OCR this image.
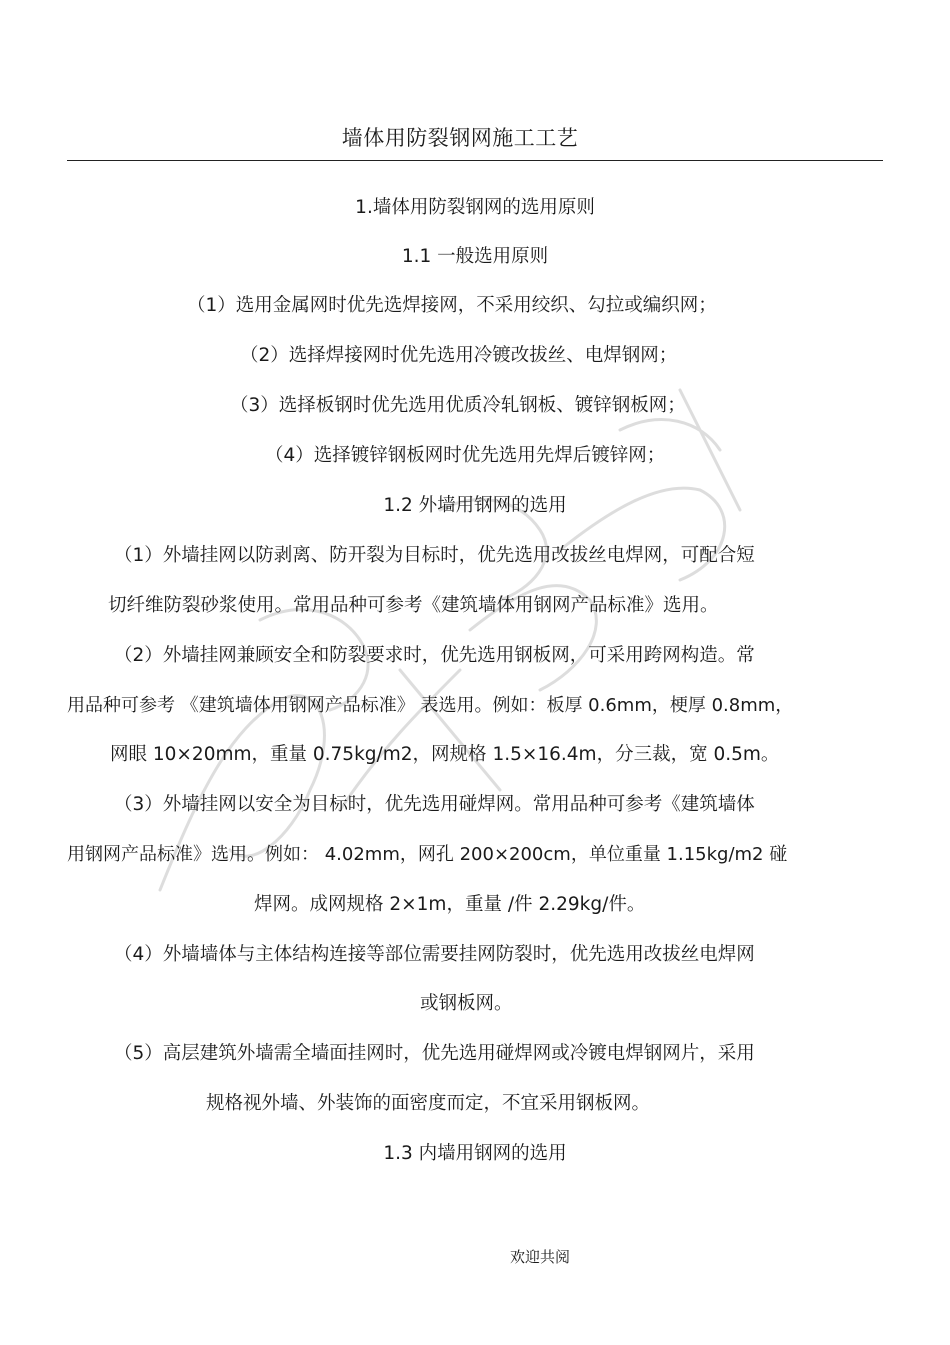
墙体用防裂钢网施工工艺
1.墙体用防裂钢网的选用原则
1.1 一般选用原则
（1）选用金属网时优先选焊接网，不采用绞织、勾拉或编织网；
（2）选择焊接网时优先选用冷镀改拔丝、电焊钢网；
（3）选择板钢时优先选用优质冷轧钢板、镀锌钢板网；
（4）选择镀锌钢板网时优先选用先焊后镀锌网；
1.2 外墙用钢网的选用
（1）外墙挂网以防剥离、防开裂为目标时，优先选用改拔丝电焊网，可配合短
切纤维防裂砂浆使用。常用品种可参考《建筑墙体用钢网产品标准》选用。
（2）外墙挂网兼顾安全和防裂要求时，优先选用钢板网，可采用跨网构造。常
用品种可参考 《建筑墙体用钢网产品标准》 表选用。例如：板厚 0.6mm，梗厚 0.8mm，
网眼 10×20mm，重量 0.75kg/m2，网规格 1.5×16.4m，分三裁，宽 0.5m。
（3）外墙挂网以安全为目标时，优先选用碰焊网。常用品种可参考《建筑墙体
用钢网产品标准》选用。例如： 4.02mm，网孔 200×200cm，单位重量 1.15kg/m2 碰
焊网。成网规格 2×1m，重量 /件 2.29kg/件。
（4）外墙墙体与主体结构连接等部位需要挂网防裂时，优先选用改拔丝电焊网
或钢板网。
（5）高层建筑外墙需全墙面挂网时，优先选用碰焊网或冷镀电焊钢网片，采用
规格视外墙、外装饰的面密度而定，不宜采用钢板网。
1.3 内墙用钢网的选用
欢迎共阅
